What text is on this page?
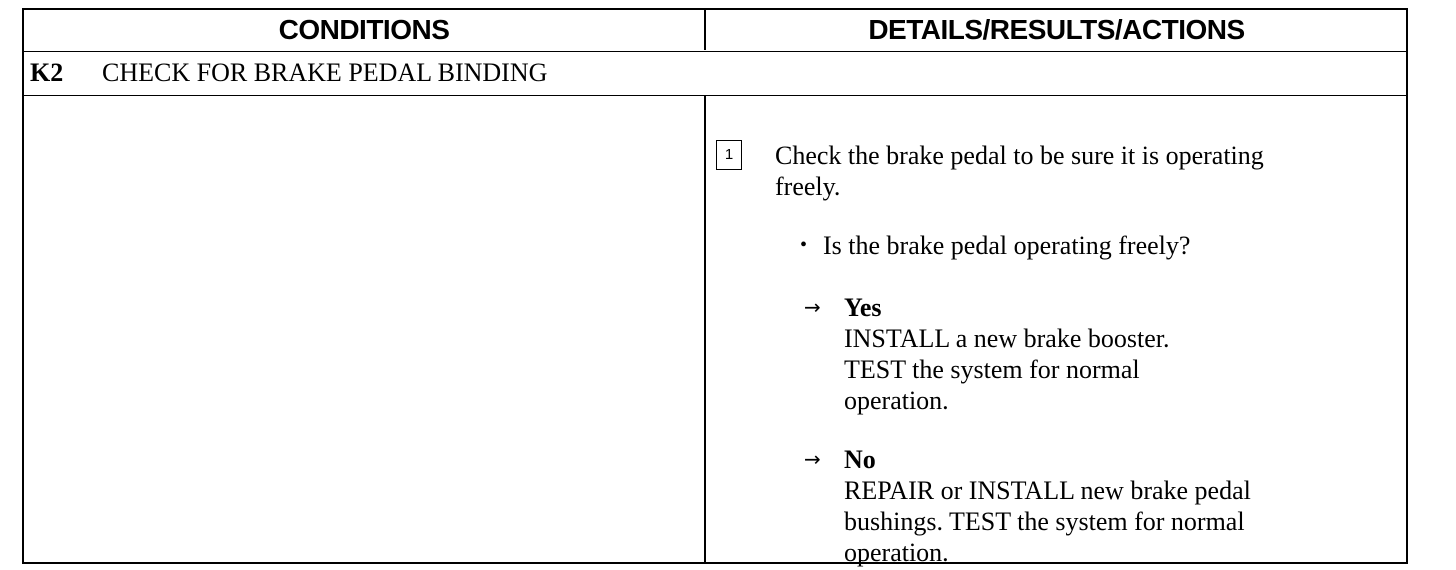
CONDITIONS	DETAILS/RESULTS/ACTIONS
K2 CHECK FOR BRAKE PEDAL BINDING
1	Check the brake pedal to be sure it is operating
freely.
• Is the brake pedal operating freely?
→ Yes
INSTALL a new brake booster.
TEST the system for normal
operation.
→ No
REPAIR or INSTALL new brake pedal
bushings. TEST the system for normal
operation.
